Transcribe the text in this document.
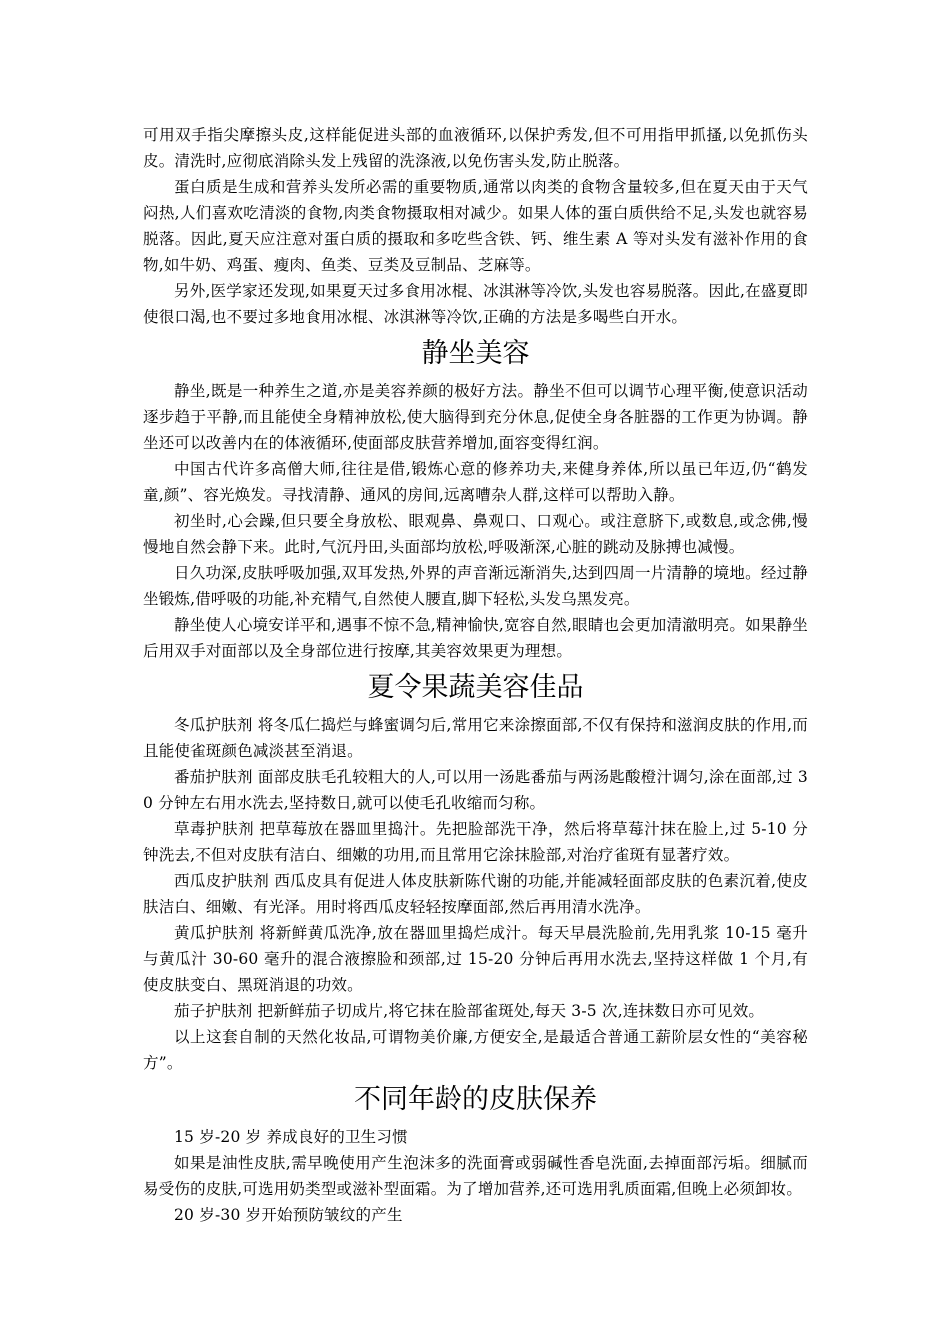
可用双手指尖摩擦头皮,这样能促进头部的血液循环,以保护秀发,但不可用指甲抓搔,以免抓伤头皮。清洗时,应彻底消除头发上残留的洗涤液,以免伤害头发,防止脱落。

蛋白质是生成和营养头发所必需的重要物质,通常以肉类的食物含量较多,但在夏天由于天气闷热,人们喜欢吃清淡的食物,肉类食物摄取相对减少。如果人体的蛋白质供给不足,头发也就容易脱落。因此,夏天应注意对蛋白质的摄取和多吃些含铁、钙、维生素 A 等对头发有滋补作用的食物,如牛奶、鸡蛋、瘦肉、鱼类、豆类及豆制品、芝麻等。

另外,医学家还发现,如果夏天过多食用冰棍、冰淇淋等冷饮,头发也容易脱落。因此,在盛夏即使很口渴,也不要过多地食用冰棍、冰淇淋等冷饮,正确的方法是多喝些白开水。

静坐美容

静坐,既是一种养生之道,亦是美容养颜的极好方法。静坐不但可以调节心理平衡,使意识活动逐步趋于平静,而且能使全身精神放松,使大脑得到充分休息,促使全身各脏器的工作更为协调。静坐还可以改善内在的体液循环,使面部皮肤营养增加,面容变得红润。

中国古代许多高僧大师,往往是借,锻炼心意的修养功夫,来健身养体,所以虽已年迈,仍“鹤发童,颜”、容光焕发。寻找清静、通风的房间,远离嘈杂人群,这样可以帮助入静。

初坐时,心会躁,但只要全身放松、眼观鼻、鼻观口、口观心。或注意脐下,或数息,或念佛,慢慢地自然会静下来。此时,气沉丹田,头面部均放松,呼吸渐深,心脏的跳动及脉搏也减慢。

日久功深,皮肤呼吸加强,双耳发热,外界的声音渐远渐消失,达到四周一片清静的境地。经过静坐锻炼,借呼吸的功能,补充精气,自然使人腰直,脚下轻松,头发乌黑发亮。

静坐使人心境安详平和,遇事不惊不急,精神愉快,宽容自然,眼睛也会更加清澈明亮。如果静坐后用双手对面部以及全身部位进行按摩,其美容效果更为理想。

夏令果蔬美容佳品

冬瓜护肤剂 将冬瓜仁捣烂与蜂蜜调匀后,常用它来涂擦面部,不仅有保持和滋润皮肤的作用,而且能使雀斑颜色减淡甚至消退。

番茄护肤剂 面部皮肤毛孔较粗大的人,可以用一汤匙番茄与两汤匙酸橙汁调匀,涂在面部,过 30 分钟左右用水洗去,坚持数日,就可以使毛孔收缩而匀称。

草毒护肤剂 把草莓放在器皿里捣汁。先把脸部洗干净，然后将草莓汁抹在脸上,过 5-10 分钟洗去,不但对皮肤有洁白、细嫩的功用,而且常用它涂抹脸部,对治疗雀斑有显著疗效。

西瓜皮护肤剂 西瓜皮具有促进人体皮肤新陈代谢的功能,并能减轻面部皮肤的色素沉着,使皮肤洁白、细嫩、有光泽。用时将西瓜皮轻轻按摩面部,然后再用清水洗净。

黄瓜护肤剂 将新鲜黄瓜洗净,放在器皿里捣烂成汁。每天早晨洗脸前,先用乳浆 10-15 毫升与黄瓜汁 30-60 毫升的混合液擦脸和颈部,过 15-20 分钟后再用水洗去,坚持这样做 1 个月,有使皮肤变白、黑斑消退的功效。

茄子护肤剂 把新鲜茄子切成片,将它抹在脸部雀斑处,每天 3-5 次,连抹数日亦可见效。

以上这套自制的天然化妆品,可谓物美价廉,方便安全,是最适合普通工薪阶层女性的“美容秘方”。

不同年龄的皮肤保养

15 岁-20 岁 养成良好的卫生习惯

如果是油性皮肤,需早晚使用产生泡沫多的洗面膏或弱碱性香皂洗面,去掉面部污垢。细腻而易受伤的皮肤,可选用奶类型或滋补型面霜。为了增加营养,还可选用乳质面霜,但晚上必须卸妆。

20 岁-30 岁开始预防皱纹的产生
